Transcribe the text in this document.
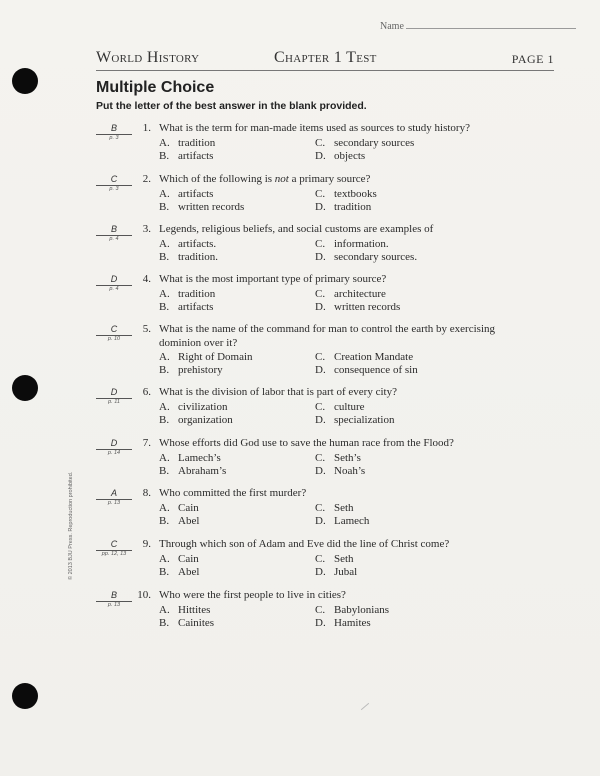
Name
World History	Chapter 1 Test	PAGE 1
Multiple Choice
Put the letter of the best answer in the blank provided.
B
p. 3
1. What is the term for man-made items used as sources to study history?
A. tradition	C. secondary sources
B. artifacts	D. objects
C
p. 3
2. Which of the following is not a primary source?
A. artifacts	C. textbooks
B. written records	D. tradition
B
p. 4
3. Legends, religious beliefs, and social customs are examples of
A. artifacts.	C. information.
B. tradition.	D. secondary sources.
D
p. 4
4. What is the most important type of primary source?
A. tradition	C. architecture
B. artifacts	D. written records
C
p. 10
5. What is the name of the command for man to control the earth by exercising dominion over it?
A. Right of Domain	C. Creation Mandate
B. prehistory	D. consequence of sin
D
p. 11
6. What is the division of labor that is part of every city?
A. civilization	C. culture
B. organization	D. specialization
D
p. 14
7. Whose efforts did God use to save the human race from the Flood?
A. Lamech’s	C. Seth’s
B. Abraham’s	D. Noah’s
A
p. 13
8. Who committed the first murder?
A. Cain	C. Seth
B. Abel	D. Lamech
C
pp. 12, 13
9. Through which son of Adam and Eve did the line of Christ come?
A. Cain	C. Seth
B. Abel	D. Jubal
B
p. 13
10. Who were the first people to live in cities?
A. Hittites	C. Babylonians
B. Cainites	D. Hamites
© 2013 BJU Press. Reproduction prohibited.
